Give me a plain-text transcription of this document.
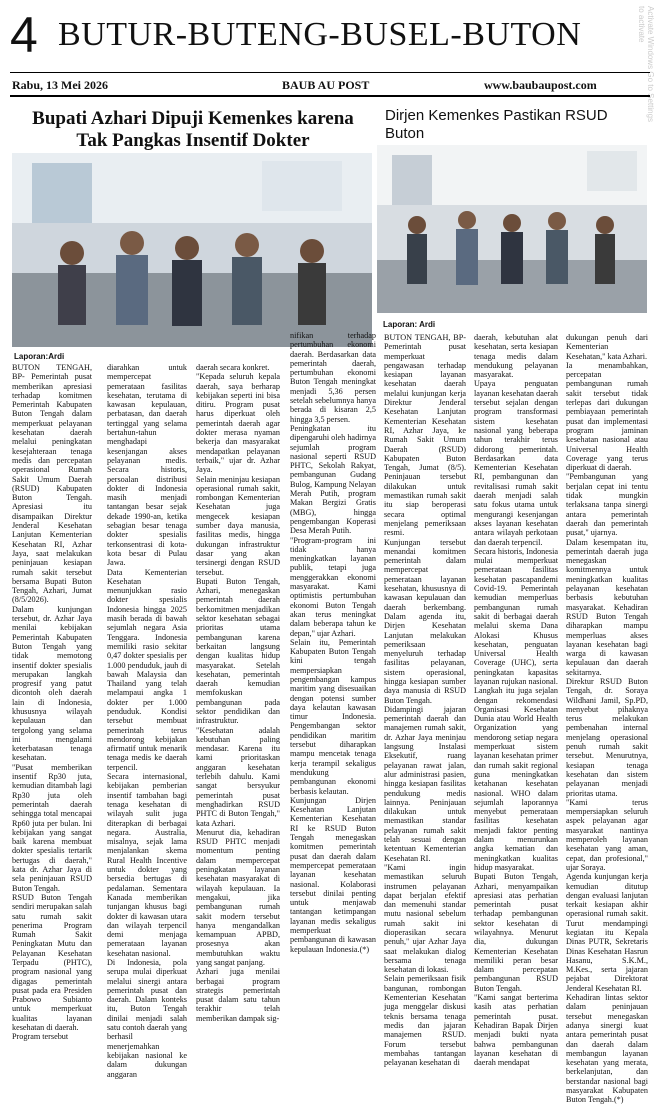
Activate Windows Go to Settings to activate
4 BUTUR-BUTENG-BUSEL-BUTON
Rabu, 13 Mei 2026	BAUB AU POST	www.baubaupost.com
Bupati Azhari Dipuji Kemenkes karena
Tak Pangkas Insentif Dokter
Laporan:Ardi
BUTON TENGAH, BP- Pemerintah pusat memberikan apresiasi terhadap komitmen Pemerintah Kabupaten Buton Tengah dalam memperkuat pelayanan kesehatan daerah melalui peningkatan kesejahteraan tenaga medis dan percepatan operasional Rumah Sakit Umum Daerah (RSUD) Kabupaten Buton Tengah. Apresiasi itu disampaikan Direktur Jenderal Kesehatan Lanjutan Kementerian Kesehatan RI, Azhar Jaya, saat melakukan peninjauan kesiapan rumah sakit tersebut bersama Bupati Buton Tengah, Azhari, Jumat (8/5/2026).
Dalam kunjungan tersebut, dr. Azhar Jaya menilai kebijakan Pemerintah Kabupaten Buton Tengah yang tidak memotong insentif dokter spesialis merupakan langkah progresif yang patut dicontoh oleh daerah lain di Indonesia, khususnya wilayah kepulauan dan tergolong yang selama ini mengalami keterbatasan tenaga kesehatan.
"Pusat memberikan insentif Rp30 juta, kemudian ditambah lagi Rp30 juta oleh pemerintah daerah sehingga total mencapai Rp60 juta per bulan. Ini kebijakan yang sangat baik karena membuat dokter spesialis tertarik bertugas di daerah," kata dr. Azhar Jaya di sela peninjauan RSUD Buton Tengah.
RSUD Buton Tengah sendiri merupakan salah satu rumah sakit penerima Program Rumah Sakit Peningkatan Mutu dan Pelayanan Kesehatan Terpadu (PHTC), program nasional yang digagas pemerintah pusat pada era Presiden Prabowo Subianto untuk memperkuat kualitas layanan kesehatan di daerah.
Program tersebut
diarahkan untuk mempercepat pemerataan fasilitas kesehatan, terutama di kawasan kepulauan, perbatasan, dan daerah tertinggal yang selama bertahun-tahun menghadapi kesenjangan akses pelayanan medis. Secara historis, persoalan distribusi dokter di Indonesia masih menjadi tantangan besar sejak dekade 1990-an, ketika sebagian besar tenaga dokter spesialis terkonsentrasi di kota-kota besar di Pulau Jawa.
Data Kementerian Kesehatan menunjukkan rasio dokter spesialis Indonesia hingga 2025 masih berada di bawah sejumlah negara Asia Tenggara. Indonesia memiliki rasio sekitar 0,47 dokter spesialis per 1.000 penduduk, jauh di bawah Malaysia dan Thailand yang telah melampaui angka 1 dokter per 1.000 penduduk. Kondisi tersebut membuat pemerintah terus mendorong kebijakan afirmatif untuk menarik tenaga medis ke daerah terpencil.
Secara internasional, kebijakan pemberian insentif tambahan bagi tenaga kesehatan di wilayah sulit juga diterapkan di berbagai negara. Australia, misalnya, sejak lama menjalankan skema Rural Health Incentive untuk dokter yang bersedia bertugas di pedalaman. Sementara Kanada memberikan tunjangan khusus bagi dokter di kawasan utara dan wilayah terpencil demi menjaga pemerataan layanan kesehatan nasional.
Di Indonesia, pola serupa mulai diperkuat melalui sinergi antara pemerintah pusat dan daerah. Dalam konteks itu, Buton Tengah dinilai menjadi salah satu contoh daerah yang berhasil menerjemahkan kebijakan nasional ke dalam dukungan anggaran
daerah secara konkret.
"Kepada seluruh kepala daerah, saya berharap kebijakan seperti ini bisa ditiru. Program pusat harus diperkuat oleh pemerintah daerah agar dokter merasa nyaman bekerja dan masyarakat mendapatkan pelayanan terbaik," ujar dr. Azhar Jaya.
Selain meninjau kesiapan operasional rumah sakit, rombongan Kementerian Kesehatan juga mengecek kesiapan sumber daya manusia, fasilitas medis, hingga dukungan infrastruktur dasar yang akan tersinergi dengan RSUD tersebut.
Bupati Buton Tengah, Azhari, menegaskan pemerintah daerah berkomitmen menjadikan sektor kesehatan sebagai prioritas utama pembangunan karena berkaitan langsung dengan kualitas hidup masyarakat. Setelah kesehatan, pemerintah daerah kemudian memfokuskan pembangunan pada sektor pendidikan dan infrastruktur.
"Kesehatan adalah kebutuhan paling mendasar. Karena itu kami prioritaskan anggaran kesehatan terlebih dahulu. Kami sangat bersyukur pemerintah pusat menghadirkan RSUD PHTC di Buton Tengah," kata Azhari.
Menurut dia, kehadiran RSUD PHTC menjadi momentum penting dalam mempercepat peningkatan layanan kesehatan masyarakat di wilayah kepulauan. Ia mengakui, jika pembangunan rumah sakit modern tersebut hanya mengandalkan kemampuan APBD, prosesnya akan membutuhkan waktu yang sangat panjang.
Azhari juga menilai berbagai program strategis pemerintah pusat dalam satu tahun terakhir telah memberikan dampak sig-
Dirjen Kemenkes Pastikan RSUD Buton
Laporan: Ardi
nifikan terhadap pertumbuhan ekonomi daerah. Berdasarkan data pemerintah daerah, pertumbuhan ekonomi Buton Tengah meningkat menjadi 5,36 persen setelah sebelumnya hanya berada di kisaran 2,5 hingga 3,5 persen.
Peningkatan itu dipengaruhi oleh hadirnya sejumlah program nasional seperti RSUD PHTC, Sekolah Rakyat, pembangunan Gudang Bulog, Kampung Nelayan Merah Putih, program Makan Bergizi Gratis (MBG), hingga pengembangan Koperasi Desa Merah Putih.
"Program-program ini tidak hanya meningkatkan layanan publik, tetapi juga menggerakkan ekonomi masyarakat. Kami optimistis pertumbuhan ekonomi Buton Tengah akan terus meningkat dalam beberapa tahun ke depan," ujar Azhari.
Selain itu, Pemerintah Kabupaten Buton Tengah kini tengah mempersiapkan pengembangan kampus maritim yang disesuaikan dengan potensi sumber daya kelautan kawasan timur Indonesia. Pengembangan sektor pendidikan maritim tersebut diharapkan mampu mencetak tenaga kerja terampil sekaligus mendukung pembangunan ekonomi berbasis kelautan.
Kunjungan Dirjen Kesehatan Lanjutan Kementerian Kesehatan RI ke RSUD Buton Tengah menegaskan komitmen pemerintah pusat dan daerah dalam mempercepat pemerataan layanan kesehatan nasional. Kolaborasi tersebut dinilai penting untuk menjawab tantangan ketimpangan layanan medis sekaligus memperkuat pembangunan di kawasan kepulauan Indonesia.(*)
BUTON TENGAH, BP- Pemerintah pusat memperkuat pengawasan terhadap kesiapan layanan kesehatan daerah melalui kunjungan kerja Direktur Jenderal Kesehatan Lanjutan Kementerian Kesehatan RI, Azhar Jaya, ke Rumah Sakit Umum Daerah (RSUD) Kabupaten Buton Tengah, Jumat (8/5). Peninjauan tersebut dilakukan untuk memastikan rumah sakit itu siap beroperasi secara optimal menjelang pemeriksaan resmi.
Kunjungan tersebut menandai komitmen pemerintah dalam mempercepat pemerataan layanan kesehatan, khususnya di kawasan kepulauan dan daerah berkembang. Dalam agenda itu, Dirjen Kesehatan Lanjutan melakukan pemeriksaan menyeluruh terhadap fasilitas pelayanan, sistem operasional, hingga kesiapan sumber daya manusia di RSUD Buton Tengah.
Didampingi jajaran pemerintah daerah dan manajemen rumah sakit, dr. Azhar Jaya meninjau langsung Instalasi Eksekutif, ruang pelayanan rawat jalan, alur administrasi pasien, hingga kesiapan fasilitas pendukung medis lainnya. Peninjauan dilakukan untuk memastikan standar pelayanan rumah sakit telah sesuai dengan ketentuan Kementerian Kesehatan RI.
"Kami ingin memastikan seluruh instrumen pelayanan dapat berjalan efektif dan memenuhi standar mutu nasional sebelum rumah sakit ini dioperasikan secara penuh," ujar Azhar Jaya saat melakukan dialog bersama tenaga kesehatan di lokasi.
Selain pemeriksaan fisik bangunan, rombongan Kementerian Kesehatan juga menggelar diskusi teknis bersama tenaga medis dan jajaran manajemen RSUD. Forum tersebut membahas tantangan pelayanan kesehatan di
daerah, kebutuhan alat kesehatan, serta kesiapan tenaga medis dalam mendukung pelayanan masyarakat.
Upaya penguatan layanan kesehatan daerah tersebut sejalan dengan program transformasi sistem kesehatan nasional yang beberapa tahun terakhir terus didorong pemerintah. Berdasarkan data Kementerian Kesehatan RI, pembangunan dan revitalisasi rumah sakit daerah menjadi salah satu fokus utama untuk mengurangi kesenjangan akses layanan kesehatan antara wilayah perkotaan dan daerah terpencil.
Secara historis, Indonesia mulai memperkuat pemerataan fasilitas kesehatan pascapandemi Covid-19. Pemerintah kemudian memperluas pembangunan rumah sakit di berbagai daerah melalui skema Dana Alokasi Khusus kesehatan, penguatan Universal Health Coverage (UHC), serta peningkatan kapasitas layanan rujukan nasional.
Langkah itu juga sejalan dengan rekomendasi Organisasi Kesehatan Dunia atau World Health Organization yang mendorong setiap negara memperkuat sistem layanan kesehatan primer dan rumah sakit regional guna meningkatkan ketahanan kesehatan nasional. WHO dalam sejumlah laporannya menyebut pemerataan fasilitas kesehatan menjadi faktor penting dalam menurunkan angka kematian dan meningkatkan kualitas hidup masyarakat.
Bupati Buton Tengah, Azhari, menyampaikan apresiasi atas perhatian pemerintah pusat terhadap pembangunan sektor kesehatan di wilayahnya. Menurut dia, dukungan Kementerian Kesehatan memiliki peran besar dalam percepatan pembangunan RSUD Buton Tengah.
"Kami sangat berterima kasih atas perhatian pemerintah pusat. Kehadiran Bapak Dirjen menjadi bukti nyata bahwa pembangunan layanan kesehatan di daerah mendapat
dukungan penuh dari Kementerian Kesehatan," kata Azhari.
Ia menambahkan, percepatan pembangunan rumah sakit tersebut tidak terlepas dari dukungan pembiayaan pemerintah pusat dan implementasi program jaminan kesehatan nasional atau Universal Health Coverage yang terus diperkuat di daerah.
"Pembangunan yang berjalan cepat ini tentu tidak mungkin terlaksana tanpa sinergi antara pemerintah daerah dan pemerintah pusat," ujarnya.
Dalam kesempatan itu, pemerintah daerah juga menegaskan komitmennya untuk meningkatkan kualitas pelayanan kesehatan berbasis kebutuhan masyarakat. Kehadiran RSUD Buton Tengah diharapkan mampu memperluas akses layanan kesehatan bagi warga di kawasan kepulauan dan daerah sekitarnya.
Direktur RSUD Buton Tengah, dr. Soraya Wildhani Jamil, Sp.PD, menyebut pihaknya terus melakukan pembenahan internal menjelang operasional penuh rumah sakit tersebut. Menurutnya, kesiapan tenaga kesehatan dan sistem pelayanan menjadi prioritas utama.
"Kami terus mempersiapkan seluruh aspek pelayanan agar masyarakat nantinya memperoleh layanan kesehatan yang aman, cepat, dan profesional," ujar Soraya.
Agenda kunjungan kerja kemudian ditutup dengan evaluasi lanjutan terkait kesiapan akhir operasional rumah sakit. Turut mendampingi kegiatan itu Kepala Dinas PUTR, Sekretaris Dinas Kesehatan Hasrun Hasanu, S.K.M., M.Kes., serta jajaran pejabat Direktorat Jenderal Kesehatan RI.
Kehadiran lintas sektor dalam peninjauan tersebut menegaskan adanya sinergi kuat antara pemerintah pusat dan daerah dalam membangun layanan kesehatan yang merata, berkelanjutan, dan berstandar nasional bagi masyarakat Kabupaten Buton Tengah.(*)
